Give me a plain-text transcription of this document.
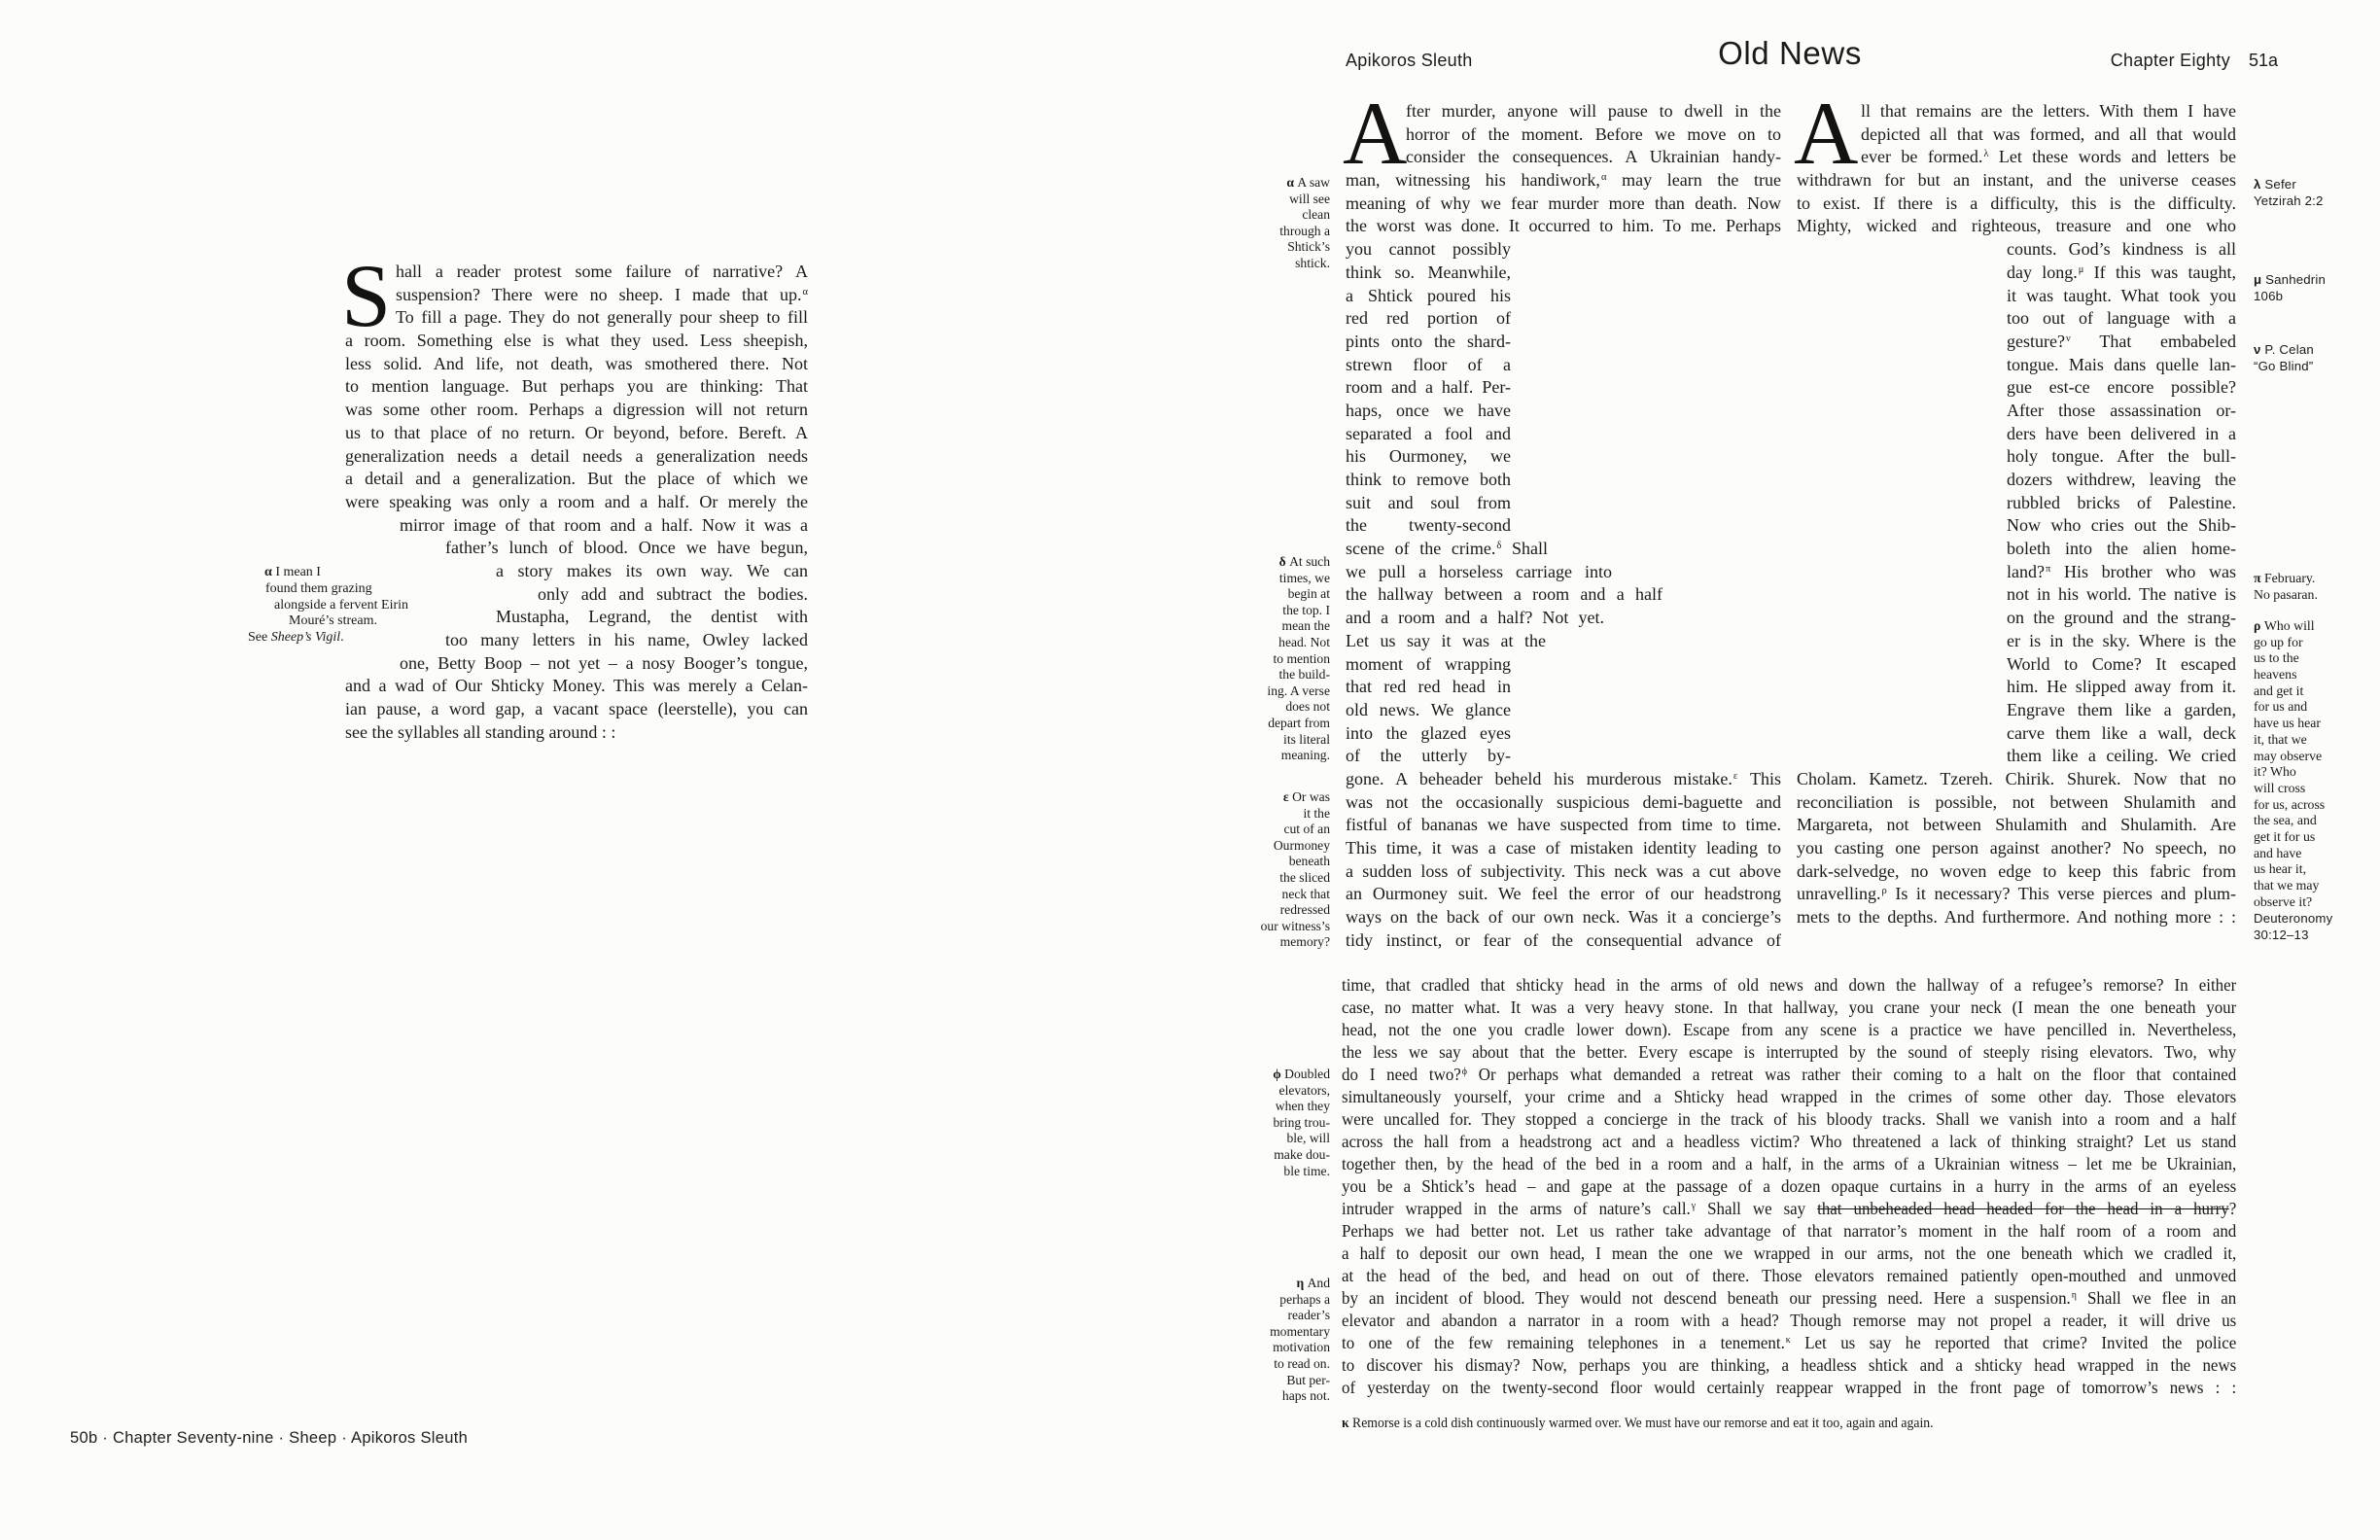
S hall a reader protest some failure of narrative? A
suspension? There were no sheep. I made that up.$^\alpha$
To fill a page. They do not generally pour sheep to fill
a room. Something else is what they used. Less sheepish,
less solid. And life, not death, was smothered there. Not
to mention language. But perhaps you are thinking: That
was some other room. Perhaps a digression will not return
us to that place of no return. Or beyond, before. Bereft. A
generalization needs a detail needs a generalization needs
a detail and a generalization. But the place of which we
were speaking was only a room and a half. Or merely the
mirror image of that room and a half. Now it was a
father’s lunch of blood. Once we have begun,
a story makes its own way. We can
only add and subtract the bodies.
Mustapha, Legrand, the dentist with
too many letters in his name, Owley lacked
one, Betty Boop – not yet – a nosy Booger’s tongue,
and a wad of Our Shticky Money. This was merely a Celan-
ian pause, a word gap, a vacant space (leerstelle), you can
see the syllables all standing around : :
α I mean I
found them grazing
alongside a fervent Eirin
Mouré’s stream.
See Sheep’s Vigil.
50b · Chapter Seventy-nine · Sheep · Apikoros Sleuth
Apikoros Sleuth	Old News	Chapter Eighty 51a
A
fter murder, anyone will pause to dwell in the
horror of the moment. Before we move on to
consider the consequences. A Ukrainian handy-
man, witnessing his handiwork,$^\alpha$ may learn the true
meaning of why we fear murder more than death. Now
the worst was done. It occurred to him. To me. Perhaps
you cannot possibly
think so. Meanwhile,
a Shtick poured his
red red portion of
pints onto the shard-
strewn floor of a
room and a half. Per-
haps, once we have
separated a fool and
his Ourmoney, we
think to remove both
suit and soul from
the twenty-second
scene of the crime.$^\delta$ Shall
we pull a horseless carriage into
the hallway between a room and a half
and a room and a half? Not yet.
Let us say it was at the
moment of wrapping
that red red head in
old news. We glance
into the glazed eyes
of the utterly by-
gone. A beheader beheld his murderous mistake.$^\varepsilon$ This
was not the occasionally suspicious demi-baguette and
fistful of bananas we have suspected from time to time.
This time, it was a case of mistaken identity leading to
a sudden loss of subjectivity. This neck was a cut above
an Ourmoney suit. We feel the error of our headstrong
ways on the back of our own neck. Was it a concierge’s
tidy instinct, or fear of the consequential advance of
A ll that remains are the letters. With them I have
depicted all that was formed, and all that would
ever be formed.$^\lambda$ Let these words and letters be
withdrawn for but an instant, and the universe ceases
to exist. If there is a difficulty, this is the difficulty.
Mighty, wicked and righteous, treasure and one who
counts. God’s kindness is all
day long.$^\mu$ If this was taught,
it was taught. What took you
too out of language with a
gesture?$^\nu$ That embabeled
tongue. Mais dans quelle lan-
gue est-ce encore possible?
After those assassination or-
ders have been delivered in a
holy tongue. After the bull-
dozers withdrew, leaving the
rubbled bricks of Palestine.
Now who cries out the Shib-
boleth into the alien home-
land?$^\pi$ His brother who was
not in his world. The native is
on the ground and the strang-
er is in the sky. Where is the
World to Come? It escaped
him. He slipped away from it.
Engrave them like a garden,
carve them like a wall, deck
them like a ceiling. We cried
Cholam. Kametz. Tzereh. Chirik. Shurek. Now that no
reconciliation is possible, not between Shulamith and
Margareta, not between Shulamith and Shulamith. Are
you casting one person against another? No speech, no
dark-selvedge, no woven edge to keep this fabric from
unravelling.$^\rho$ Is it necessary? This verse pierces and plum-
mets to the depths. And furthermore. And nothing more : :
time, that cradled that shticky head in the arms of old news and down the hallway of a refugee’s remorse? In either
case, no matter what. It was a very heavy stone. In that hallway, you crane your neck (I mean the one beneath your
head, not the one you cradle lower down). Escape from any scene is a practice we have pencilled in. Nevertheless,
the less we say about that the better. Every escape is interrupted by the sound of steeply rising elevators. Two, why
do I need two?$^\phi$ Or perhaps what demanded a retreat was rather their coming to a halt on the floor that contained
simultaneously yourself, your crime and a Shticky head wrapped in the crimes of some other day. Those elevators
were uncalled for. They stopped a concierge in the track of his bloody tracks. Shall we vanish into a room and a half
across the hall from a headstrong act and a headless victim? Who threatened a lack of thinking straight? Let us stand
together then, by the head of the bed in a room and a half, in the arms of a Ukrainian witness – let me be Ukrainian,
you be a Shtick’s head – and gape at the passage of a dozen opaque curtains in a hurry in the arms of an eyeless
intruder wrapped in the arms of nature’s call.$^\gamma$ Shall we say that unbeheaded head headed for the head in a hurry?
Perhaps we had better not. Let us rather take advantage of that narrator’s moment in the half room of a room and
a half to deposit our own head, I mean the one we wrapped in our arms, not the one beneath which we cradled it,
at the head of the bed, and head on out of there. Those elevators remained patiently open-mouthed and unmoved
by an incident of blood. They would not descend beneath our pressing need. Here a suspension.$^\eta$ Shall we flee in an
elevator and abandon a narrator in a room with a head? Though remorse may not propel a reader, it will drive us
to one of the few remaining telephones in a tenement.$^\kappa$ Let us say he reported that crime? Invited the police
to discover his dismay? Now, perhaps you are thinking, a headless shtick and a shticky head wrapped in the news
of yesterday on the twenty-second floor would certainly reappear wrapped in the front page of tomorrow’s news : :
κ Remorse is a cold dish continuously warmed over. We must have our remorse and eat it too, again and again.
α A saw
will see
clean
through a
Shtick’s
shtick.
δ At such
times, we
begin at
the top. I
mean the
head. Not
to mention
the build-
ing. A verse
does not
depart from
its literal
meaning.
ε Or was
it the
cut of an
Ourmoney
beneath
the sliced
neck that
redressed
our witness’s
memory?
ϕ Doubled
elevators,
when they
bring trou-
ble, will
make dou-
ble time.
η And
perhaps a
reader’s
momentary
motivation
to read on.
But per-
haps not.
λ Sefer
Yetzirah 2:2
μ Sanhedrin
106b
ν P. Celan
“Go Blind”
π February.
No pasaran.
ρ Who will
go up for
us to the
heavens
and get it
for us and
have us hear
it, that we
may observe
it? Who
will cross
for us, across
the sea, and
get it for us
and have
us hear it,
that we may
observe it?
Deuteronomy
30:12–13
